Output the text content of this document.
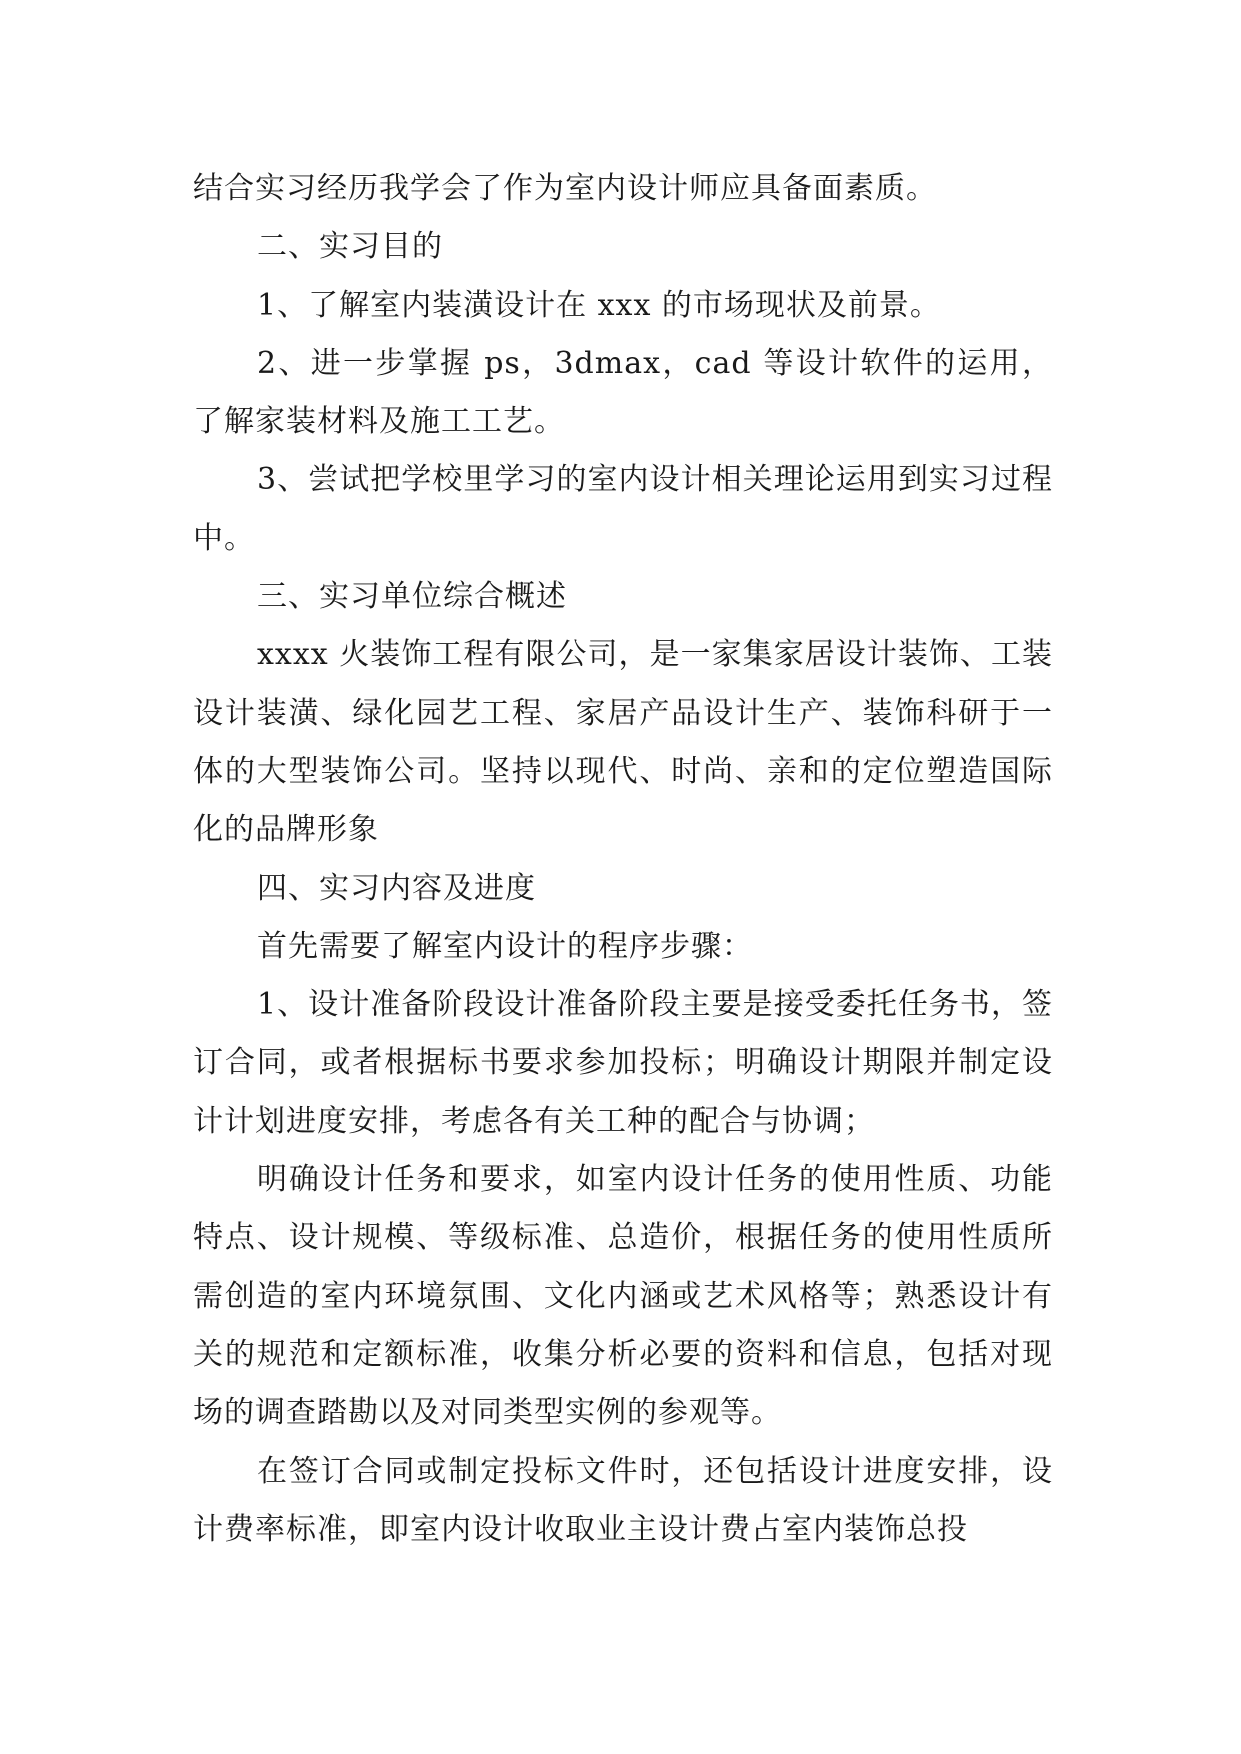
结合实习经历我学会了作为室内设计师应具备面素质。

二、实习目的

1、了解室内装潢设计在 xxx 的市场现状及前景。

2、进一步掌握 ps，3dmax，cad 等设计软件的运用，了解家装材料及施工工艺。

3、尝试把学校里学习的室内设计相关理论运用到实习过程中。

三、实习单位综合概述

xxxx 火装饰工程有限公司，是一家集家居设计装饰、工装设计装潢、绿化园艺工程、家居产品设计生产、装饰科研于一体的大型装饰公司。坚持以现代、时尚、亲和的定位塑造国际化的品牌形象

四、实习内容及进度

首先需要了解室内设计的程序步骤：

1、设计准备阶段设计准备阶段主要是接受委托任务书，签订合同，或者根据标书要求参加投标；明确设计期限并制定设计计划进度安排，考虑各有关工种的配合与协调；

明确设计任务和要求，如室内设计任务的使用性质、功能特点、设计规模、等级标准、总造价，根据任务的使用性质所需创造的室内环境氛围、文化内涵或艺术风格等；熟悉设计有关的规范和定额标准，收集分析必要的资料和信息，包括对现场的调查踏勘以及对同类型实例的参观等。

在签订合同或制定投标文件时，还包括设计进度安排，设计费率标准，即室内设计收取业主设计费占室内装饰总投
